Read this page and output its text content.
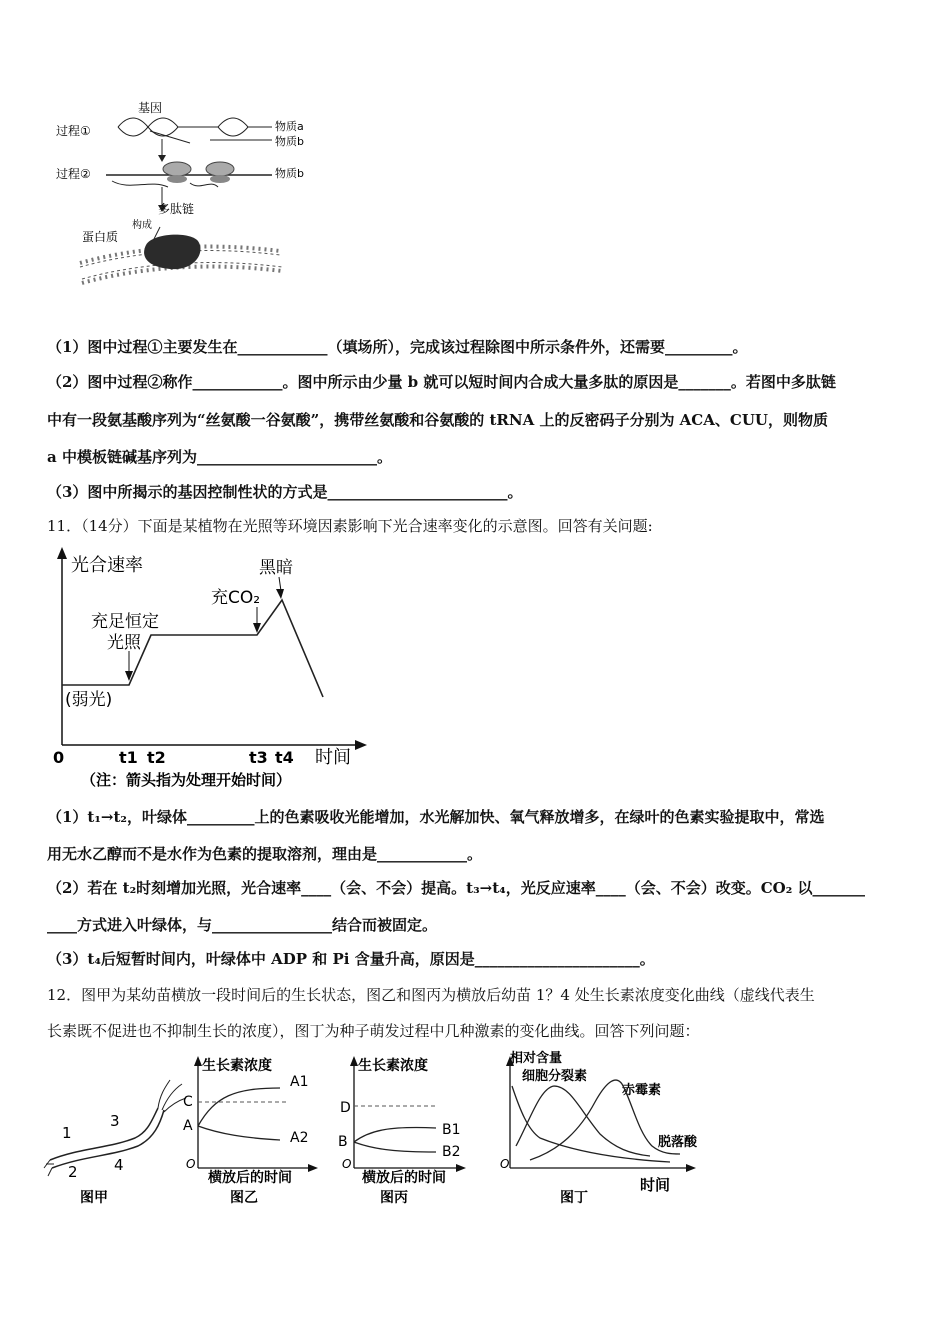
基因
过程①	物质a
物质b
过程②	物质b
多肽链
构成
蛋白质
（1）图中过程①主要发生在____________（填场所），完成该过程除图中所示条件外，还需要_________。
（2）图中过程②称作____________。图中所示由少量 b 就可以短时间内合成大量多肽的原因是_______。若图中多肽链
中有一段氨基酸序列为“丝氨酸一谷氨酸”，携带丝氨酸和谷氨酸的 tRNA 上的反密码子分别为 ACA、CUU，则物质
a 中模板链碱基序列为________________________。
（3）图中所揭示的基因控制性状的方式是________________________。
11．（14分）下面是某植物在光照等环境因素影响下光合速率变化的示意图。回答有关问题:
光合速率
时间
0	t1 t2	t3 t4
(弱光)
充足恒定
光照
充CO₂
黑暗
（注：箭头指为处理开始时间）
（1）t₁→t₂，叶绿体_________上的色素吸收光能增加，水光解加快、氧气释放增多，在绿叶的色素实验提取中，常选
用无水乙醇而不是水作为色素的提取溶剂，理由是____________。
（2）若在 t₂时刻增加光照，光合速率____（会、不会）提高。t₃→t₄，光反应速率____（会、不会）改变。CO₂ 以_______
____方式进入叶绿体，与________________结合而被固定。
（3）t₄后短暂时间内，叶绿体中 ADP 和 Pi 含量升高，原因是______________________。
12．图甲为某幼苗横放一段时间后的生长状态，图乙和图丙为横放后幼苗 1？4 处生长素浓度变化曲线（虚线代表生
长素既不促进也不抑制生长的浓度），图丁为种子萌发过程中几种激素的变化曲线。回答下列问题：
1
2
3
4
图甲
生长素浓度
A1
A2
C
A
O
横放后的时间
图乙
生长素浓度
D
B
O
B1
B2
横放后的时间
图丙
相对含量
细胞分裂素
赤霉素
脱落酸
O
时间
图丁
